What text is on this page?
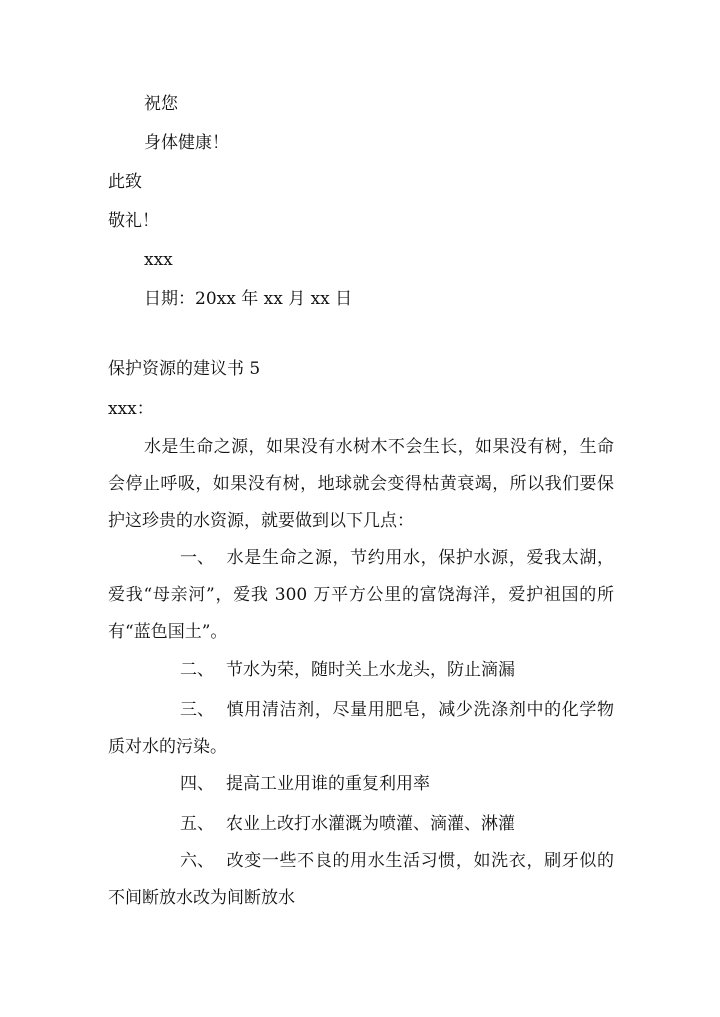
祝您
身体健康！
此致
敬礼！
xxx
日期：20xx 年 xx 月 xx 日
保护资源的建议书 5
xxx：
水是生命之源，如果没有水树木不会生长，如果没有树，生命会停止呼吸，如果没有树，地球就会变得枯黄衰竭，所以我们要保护这珍贵的水资源，就要做到以下几点：
一、 水是生命之源，节约用水，保护水源，爱我太湖，爱我“母亲河”，爱我 300 万平方公里的富饶海洋，爱护祖国的所有“蓝色国土”。
二、 节水为荣，随时关上水龙头，防止滴漏
三、 慎用清洁剂，尽量用肥皂，减少洗涤剂中的化学物质对水的污染。
四、 提高工业用谁的重复利用率
五、 农业上改打水灌溉为喷灌、滴灌、淋灌
六、 改变一些不良的用水生活习惯，如洗衣，刷牙似的不间断放水改为间断放水
